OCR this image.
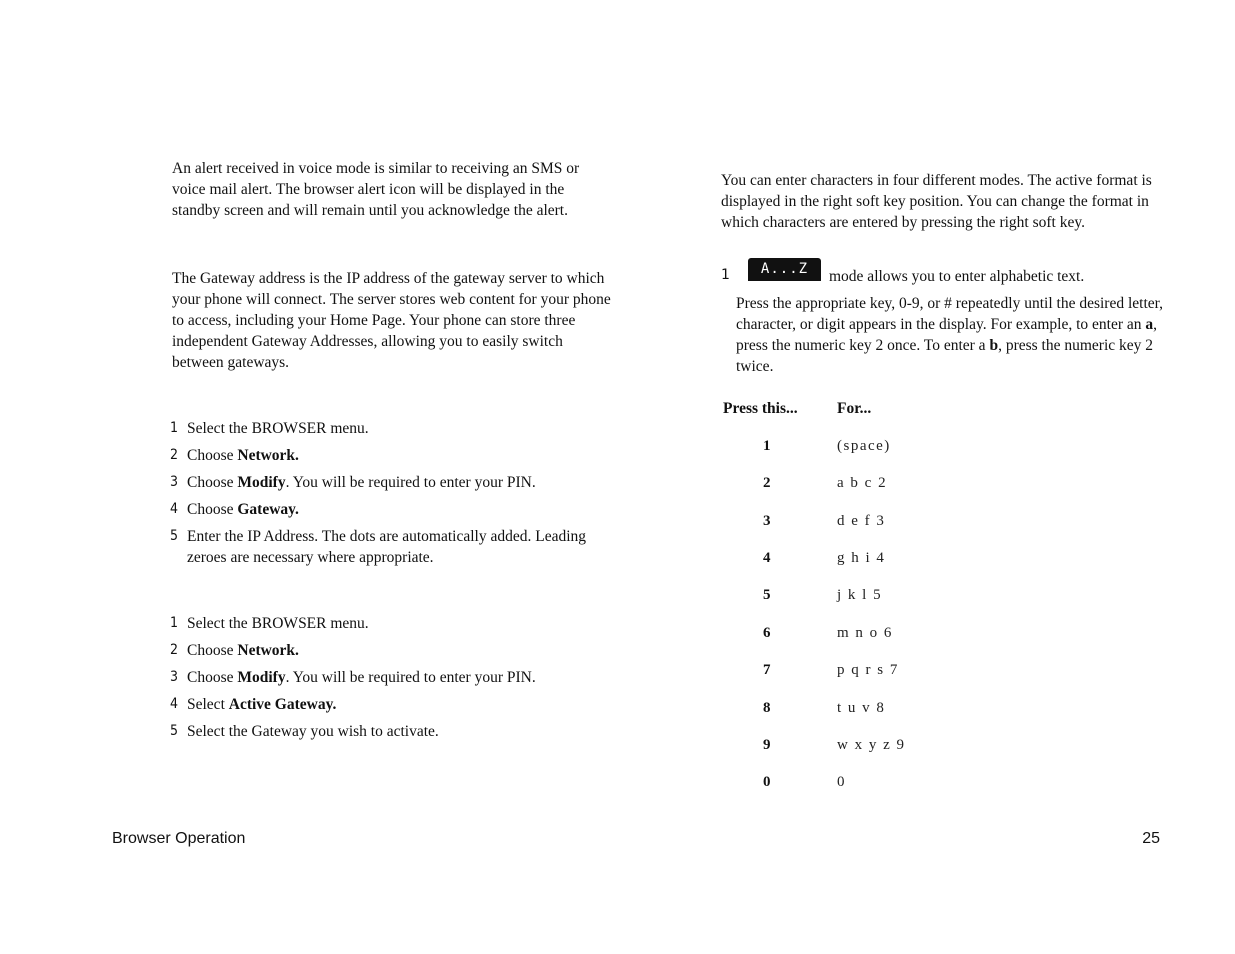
An alert received in voice mode is similar to receiving an SMS or voice mail alert. The browser alert icon will be displayed in the standby screen and will remain until you acknowledge the alert.

The Gateway address is the IP address of the gateway server to which your phone will connect. The server stores web content for your phone to access, including your Home Page. Your phone can store three independent Gateway Addresses, allowing you to easily switch between gateways.

1 Select the BROWSER menu.
2 Choose Network.
3 Choose Modify. You will be required to enter your PIN.
4 Choose Gateway.
5 Enter the IP Address. The dots are automatically added. Leading zeroes are necessary where appropriate.
1 Select the BROWSER menu.
2 Choose Network.
3 Choose Modify. You will be required to enter your PIN.
4 Select Active Gateway.
5 Select the Gateway you wish to activate.

You can enter characters in four different modes. The active format is displayed in the right soft key position. You can change the format in which characters are entered by pressing the right soft key.

1	A...Z	mode allows you to enter alphabetic text.

Press the appropriate key, 0-9, or # repeatedly until the desired letter, character, or digit appears in the display. For example, to enter an a, press the numeric key 2 once. To enter a b, press the numeric key 2 twice.

Press this...	For...
1	(space)
2	a b c 2
3	d e f 3
4	g h i 4
5	j k l 5
6	m n o 6
7	p q r s 7
8	t u v 8
9	w x y z 9
0	0
Browser Operation	25
